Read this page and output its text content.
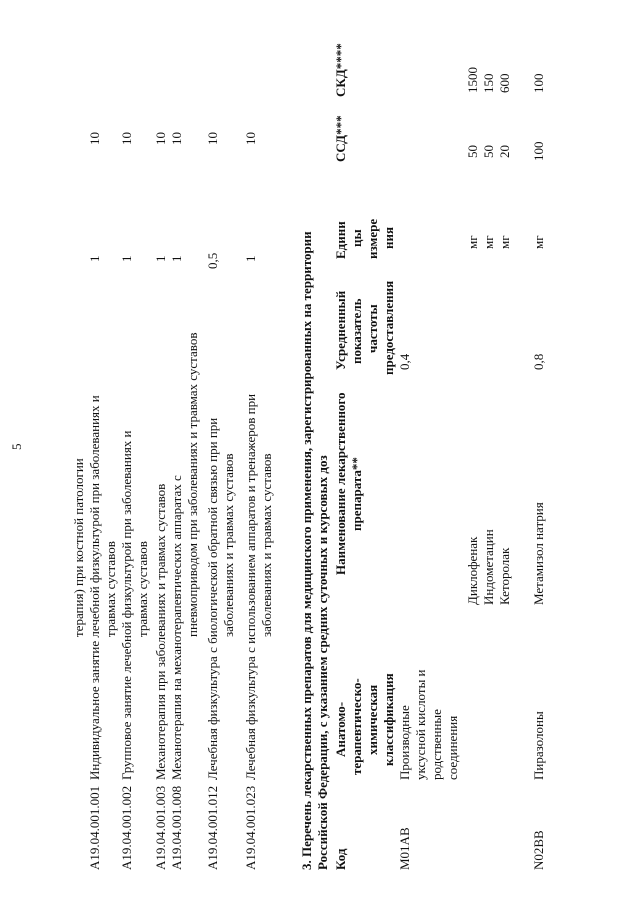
5
терапия) при костной патологии
A19.04.001.001
Индивидуальное занятие лечебной физкультурой при заболеваниях и травмах суставов
1
10
A19.04.001.002
Групповое занятие лечебной физкультурой при заболеваниях и травмах суставов
1
10
A19.04.001.003
Механотерапия при заболеваниях и травмах суставов
1
10
A19.04.001.008
Механотерапия на механотерапевтических аппаратах с пневмоприводом при заболеваниях и травмах суставов
1
10
A19.04.001.012
Лечебная физкультура с биологической обратной связью при при заболеваниях и травмах суставов
0,5
10
A19.04.001.023
Лечебная физкультура с использованием аппаратов и тренажеров при заболеваниях и травмах суставов
1
10
3. Перечень лекарственных препаратов для медицинского применения, зарегистрированных на территории Российской Федерации, с указанием средних суточных и курсовых доз Код
Анатомо- терапевтическо- химическая классификация
Наименование лекарственного препарата**
Усредненный показатель частоты предоставления
Едини цы измере ния
ССД***
СКД****
M01AB
Производные уксусной кислоты и родственные соединения
0,4
Диклофенак
мг
50
1500
Индометацин
мг
50
150
Кеторолак
мг
20
600
N02BB
Пиразолоны
0,8
Метамизол натрия
мг
100
100
